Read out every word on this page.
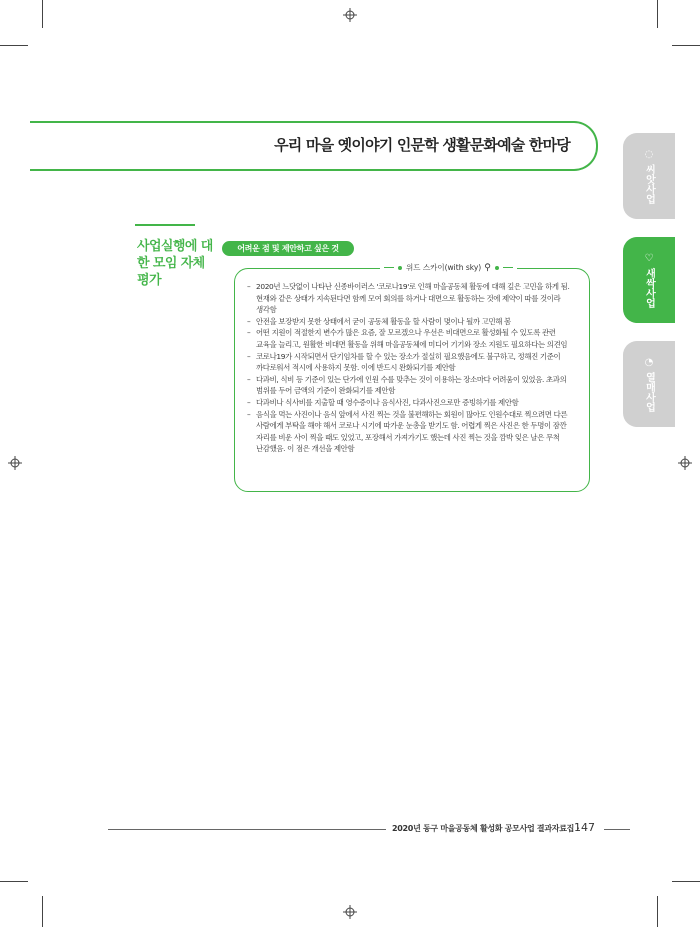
우리 마을 옛이야기 인문학 생활문화예술 한마당	◌
씨앗사업
♡
새싹사업
◔
열매사업
사업실행에 대한 모임 자체 평가
어려운 점 및 제안하고 싶은 것
위드 스카이(with sky) ⚲
– 2020년 느닷없이 나타난 신종바이러스 '코로나19'로 인해 마을공동체 활동에 대해 깊은 고민을 하게 됨. 현재와 같은 상태가 지속된다면 함께 모여 회의를 하거나 대면으로 활동하는 것에 제약이 따를 것이라 생각함
– 안전을 보장받지 못한 상태에서 굳이 공동체 활동을 할 사람이 몇이나 될까 고민해 봄
– 어떤 지원이 적절한지 변수가 많은 요즘, 잘 모르겠으나 우선은 비대면으로 활성화될 수 있도록 관련 교육을 늘리고, 원활한 비대면 활동을 위해 마을공동체에 미디어 기기와 장소 지원도 필요하다는 의견임
– 코로나19가 시작되면서 단기임차를 할 수 있는 장소가 절실히 필요했음에도 불구하고, 정해진 기준이 까다로워서 적시에 사용하지 못함. 이에 반드시 완화되기를 제안함
– 다과비, 식비 등 기준이 있는 단가에 인원 수를 맞추는 것이 이용하는 장소마다 어려움이 있었음. 초과의 범위를 두어 금액의 기준이 완화되기를 제안함
– 다과비나 식사비를 지출할 때 영수증이나 음식사진, 다과사진으로만 증빙하기를 제안함
– 음식을 먹는 사진이나 음식 앞에서 사진 찍는 것을 불편해하는 회원이 많아도 인원수대로 찍으려면 다른 사람에게 부탁을 해야 해서 코로나 시기에 따가운 눈총을 받기도 함. 어렵게 찍은 사진은 한 두명이 잠깐 자리를 비운 사이 찍을 때도 있었고, 포장해서 가져가기도 했는데 사진 찍는 것을 깜박 잊은 날은 무척 난감했음. 이 점은 개선을 제안함
2020년 동구 마을공동체 활성화 공모사업 결과자료집 ·
147
